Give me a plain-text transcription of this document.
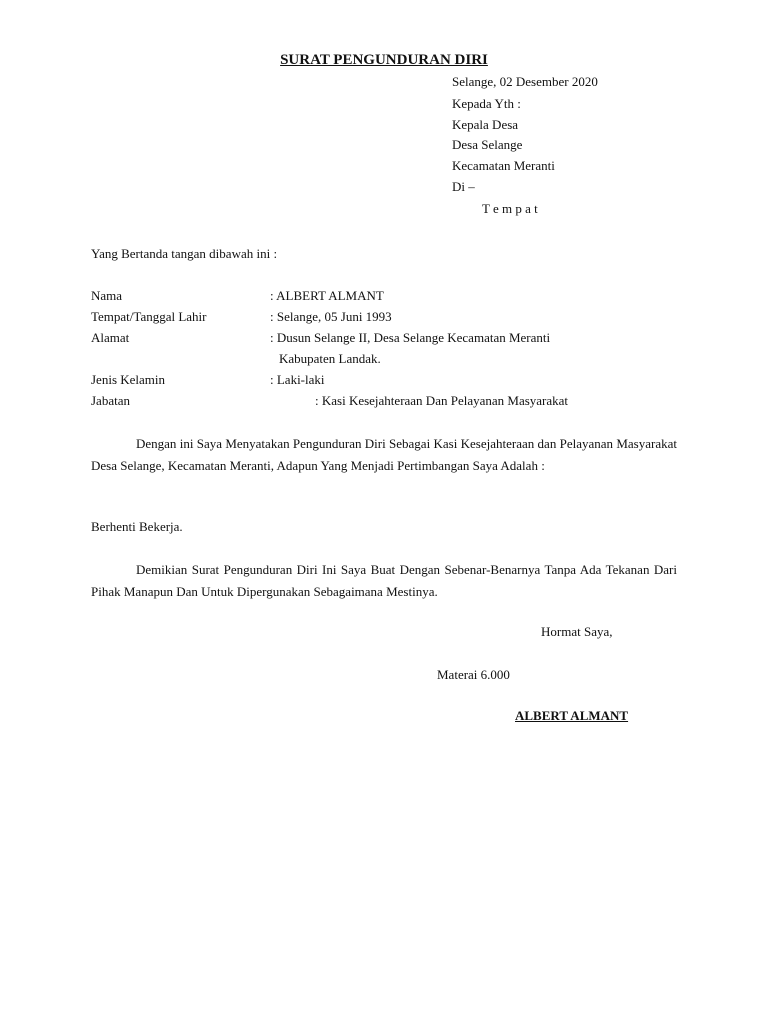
SURAT PENGUNDURAN DIRI
Selange, 02 Desember 2020
Kepada Yth :
Kepala Desa
Desa Selange
Kecamatan Meranti
Di –
T e m p a t
Yang Bertanda tangan dibawah ini :
Nama	: ALBERT ALMANT
Tempat/Tanggal Lahir	: Selange, 05 Juni 1993
Alamat	: Dusun Selange II, Desa Selange Kecamatan Meranti
Kabupaten Landak.
Jenis Kelamin	: Laki-laki
Jabatan	: Kasi Kesejahteraan Dan Pelayanan Masyarakat
Dengan ini Saya Menyatakan Pengunduran Diri Sebagai Kasi Kesejahteraan dan Pelayanan Masyarakat Desa Selange, Kecamatan Meranti, Adapun Yang Menjadi Pertimbangan Saya Adalah :
Berhenti Bekerja.
Demikian Surat Pengunduran Diri Ini Saya Buat Dengan Sebenar-Benarnya Tanpa Ada Tekanan Dari Pihak Manapun Dan Untuk Dipergunakan Sebagaimana Mestinya.
Hormat Saya,
Materai 6.000
ALBERT ALMANT
